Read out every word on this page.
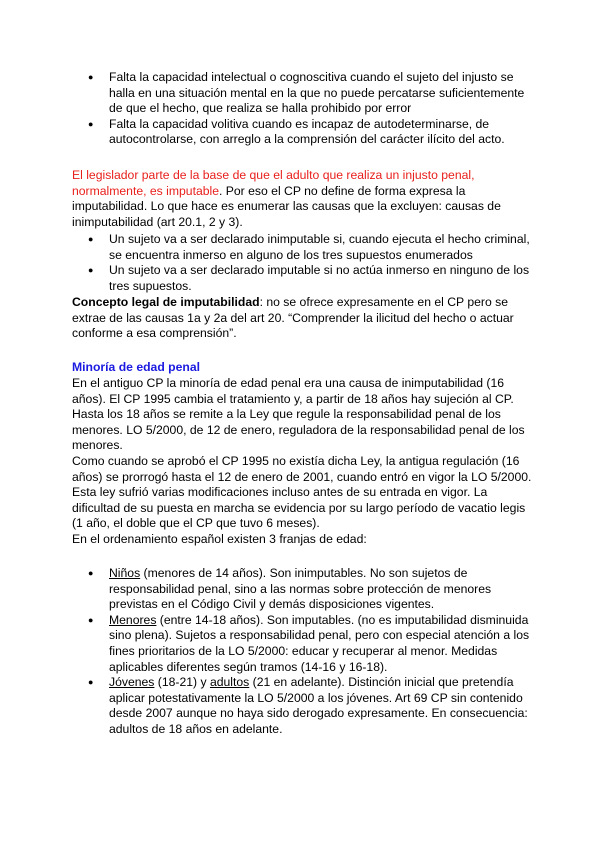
● Falta la capacidad intelectual o cognoscitiva cuando el sujeto del injusto se halla en una situación mental en la que no puede percatarse suficientemente de que el hecho, que realiza se halla prohibido por error
● Falta la capacidad volitiva cuando es incapaz de autodeterminarse, de autocontrolarse, con arreglo a la comprensión del carácter ilícito del acto.

El legislador parte de la base de que el adulto que realiza un injusto penal, normalmente, es imputable. Por eso el CP no define de forma expresa la imputabilidad. Lo que hace es enumerar las causas que la excluyen: causas de inimputabilidad (art 20.1, 2 y 3).

● Un sujeto va a ser declarado inimputable si, cuando ejecuta el hecho criminal, se encuentra inmerso en alguno de los tres supuestos enumerados
● Un sujeto va a ser declarado imputable si no actúa inmerso en ninguno de los tres supuestos.

Concepto legal de imputabilidad: no se ofrece expresamente en el CP pero se extrae de las causas 1a y 2a del art 20. “Comprender la ilicitud del hecho o actuar conforme a esa comprensión”.

Minoría de edad penal

En el antiguo CP la minoría de edad penal era una causa de inimputabilidad (16 años). El CP 1995 cambia el tratamiento y, a partir de 18 años hay sujeción al CP. Hasta los 18 años se remite a la Ley que regule la responsabilidad penal de los menores. LO 5/2000, de 12 de enero, reguladora de la responsabilidad penal de los menores.

Como cuando se aprobó el CP 1995 no existía dicha Ley, la antigua regulación (16 años) se prorrogó hasta el 12 de enero de 2001, cuando entró en vigor la LO 5/2000.

Esta ley sufrió varias modificaciones incluso antes de su entrada en vigor. La dificultad de su puesta en marcha se evidencia por su largo período de vacatio legis (1 año, el doble que el CP que tuvo 6 meses).

En el ordenamiento español existen 3 franjas de edad:

● Niños (menores de 14 años). Son inimputables. No son sujetos de responsabilidad penal, sino a las normas sobre protección de menores previstas en el Código Civil y demás disposiciones vigentes.
● Menores (entre 14-18 años). Son imputables. (no es imputabilidad disminuida sino plena). Sujetos a responsabilidad penal, pero con especial atención a los fines prioritarios de la LO 5/2000: educar y recuperar al menor. Medidas aplicables diferentes según tramos (14-16 y 16-18).
● Jóvenes (18-21) y adultos (21 en adelante). Distinción inicial que pretendía aplicar potestativamente la LO 5/2000 a los jóvenes. Art 69 CP sin contenido desde 2007 aunque no haya sido derogado expresamente. En consecuencia: adultos de 18 años en adelante.
